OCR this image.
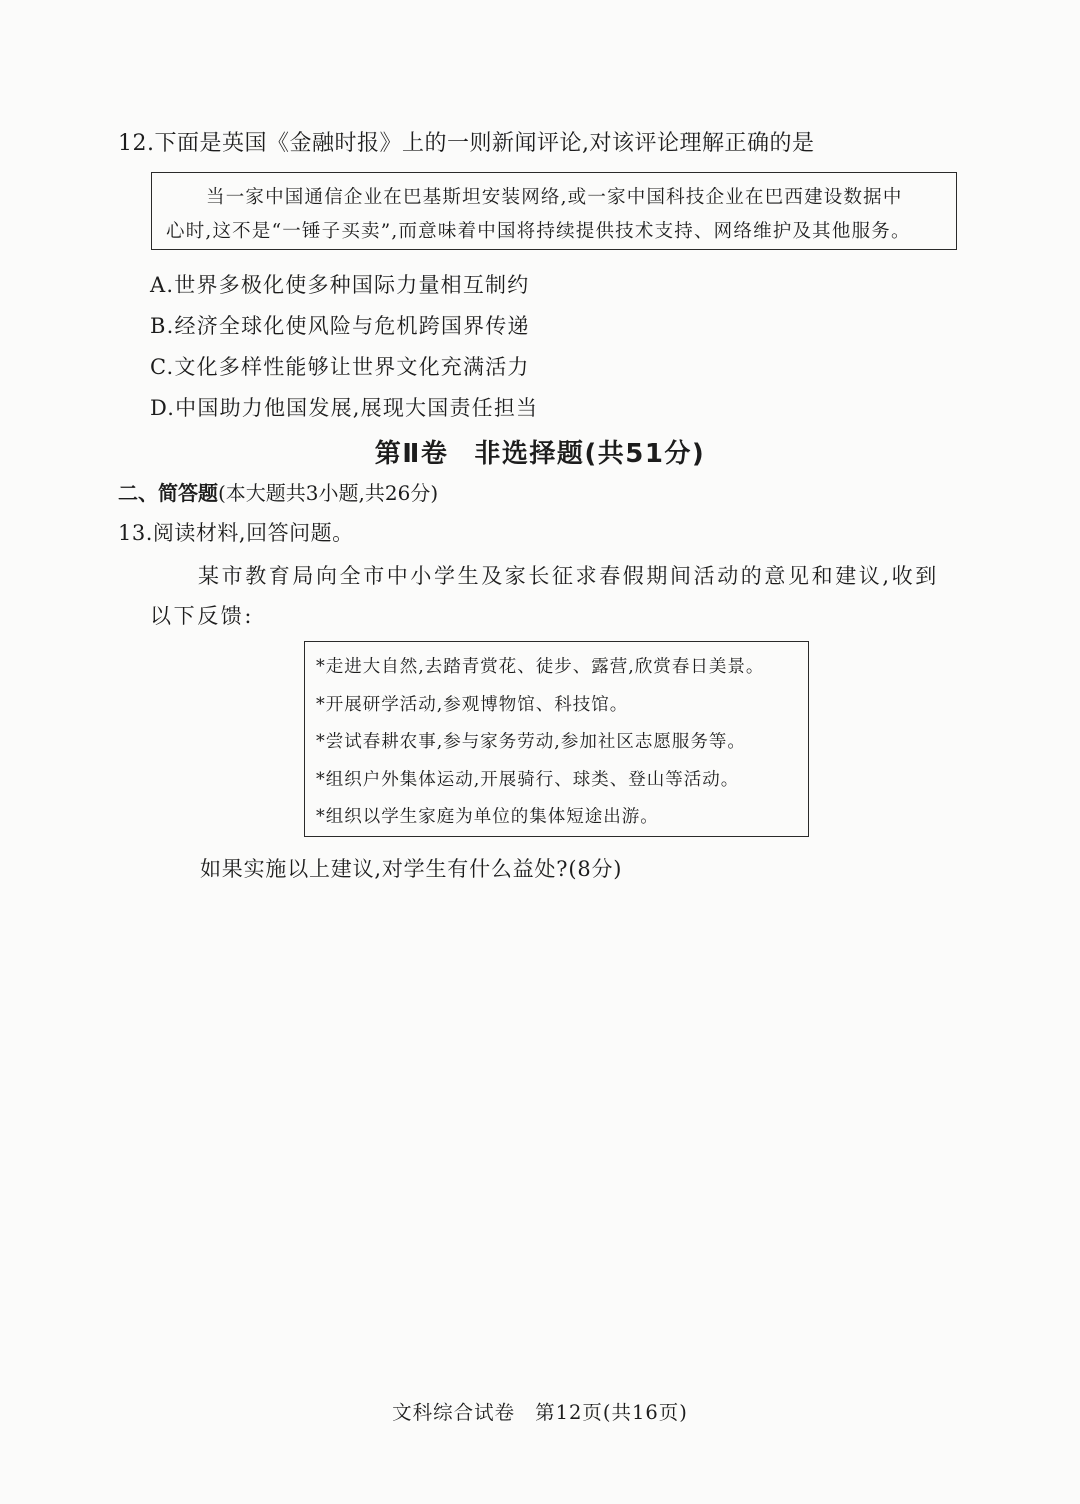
12.下面是英国《金融时报》上的一则新闻评论,对该评论理解正确的是

当一家中国通信企业在巴基斯坦安装网络,或一家中国科技企业在巴西建设数据中

心时,这不是“一锤子买卖”,而意味着中国将持续提供技术支持、网络维护及其他服务。

A.世界多极化使多种国际力量相互制约
B.经济全球化使风险与危机跨国界传递
C.文化多样性能够让世界文化充满活力
D.中国助力他国发展,展现大国责任担当
第Ⅱ卷 非选择题(共51分)
二、简答题(本大题共3小题,共26分)
13.阅读材料,回答问题。

某市教育局向全市中小学生及家长征求春假期间活动的意见和建议,收到

以下反馈:

*走进大自然,去踏青赏花、徒步、露营,欣赏春日美景。
*开展研学活动,参观博物馆、科技馆。
*尝试春耕农事,参与家务劳动,参加社区志愿服务等。
*组织户外集体运动,开展骑行、球类、登山等活动。
*组织以学生家庭为单位的集体短途出游。
如果实施以上建议,对学生有什么益处?(8分)
文科综合试卷 第12页(共16页)
